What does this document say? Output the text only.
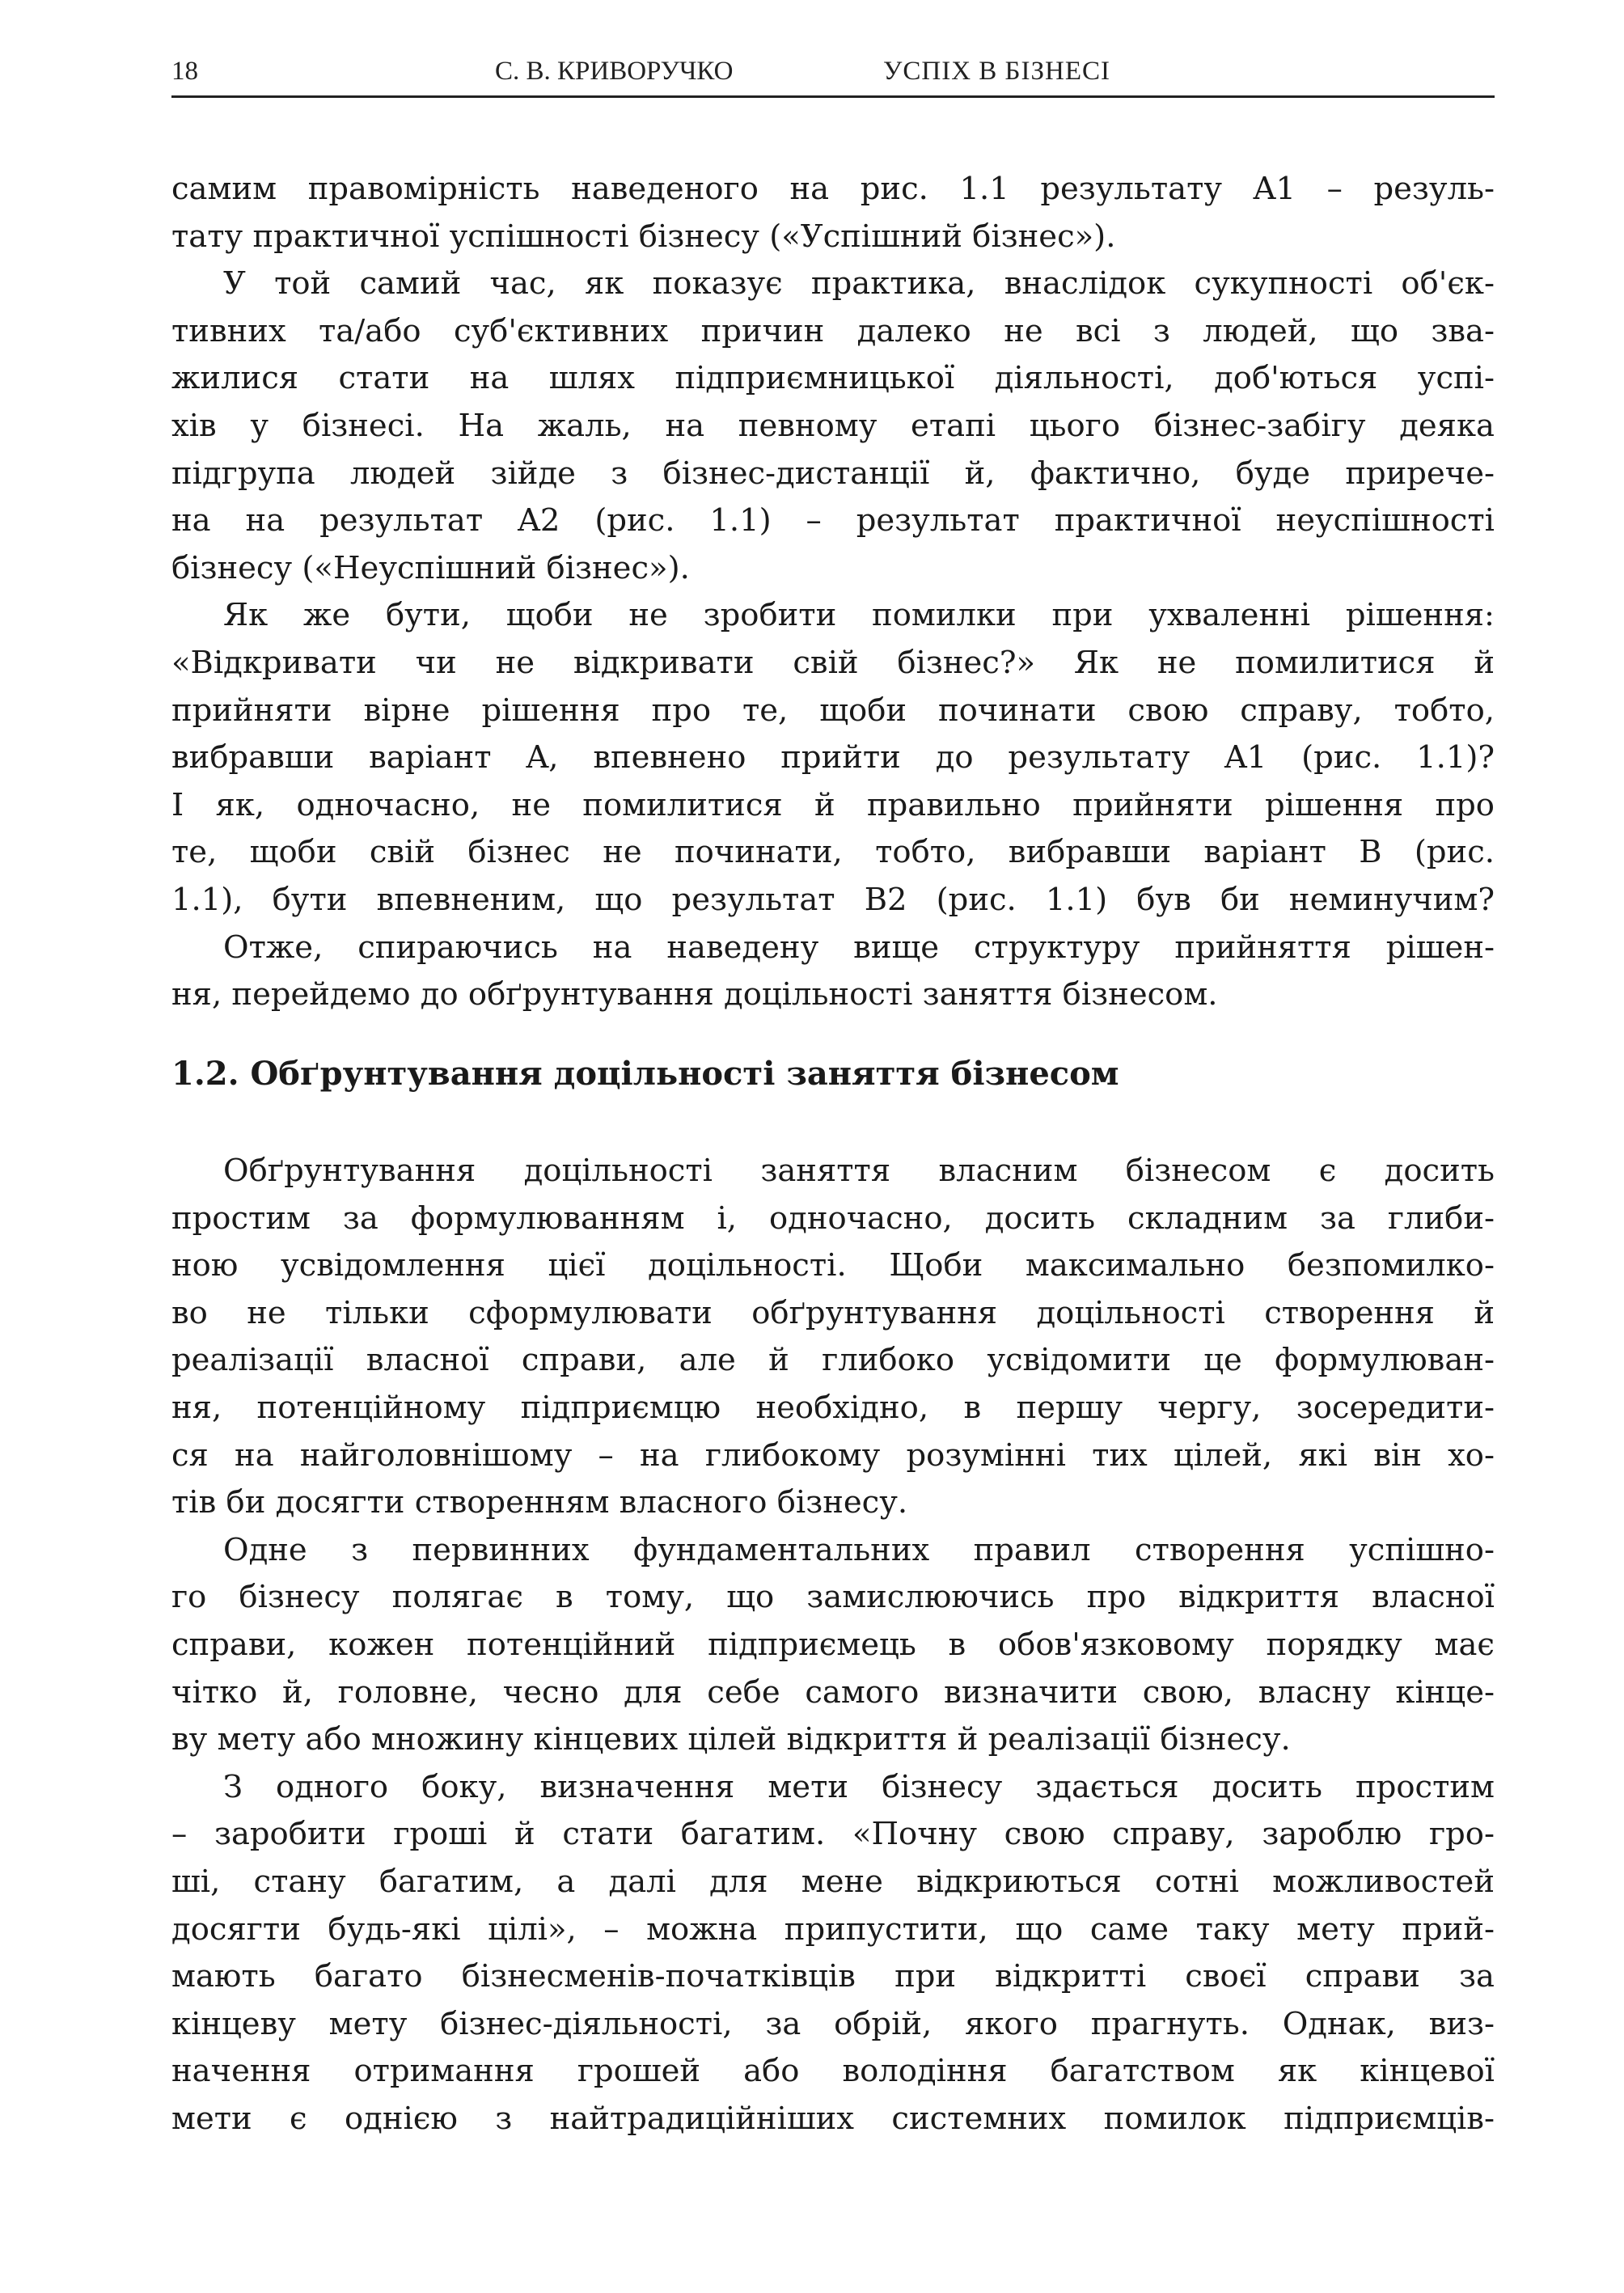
18	С. В. КРИВОРУЧКО	УСПІХ В БІЗНЕСІ
самим правомірність наведеного на рис. 1.1 результату A1 – резуль-
тату практичної успішності бізнесу («Успішний бізнес»).
У той самий час, як показує практика, внаслідок сукупності об'єк-
тивних та/або суб'єктивних причин далеко не всі з людей, що зва-
жилися стати на шлях підприємницької діяльності, доб'ються успі-
хів у бізнесі. На жаль, на певному етапі цього бізнес-забігу деяка
підгрупа людей зійде з бізнес-дистанції й, фактично, буде прирече-
на на результат A2 (рис. 1.1) – результат практичної неуспішності
бізнесу («Неуспішний бізнес»).
Як же бути, щоби не зробити помилки при ухваленні рішення:
«Відкривати чи не відкривати свій бізнес?» Як не помилитися й
прийняти вірне рішення про те, щоби починати свою справу, тобто,
вибравши варіант A, впевнено прийти до результату A1 (рис. 1.1)?
І як, одночасно, не помилитися й правильно прийняти рішення про
те, щоби свій бізнес не починати, тобто, вибравши варіант B (рис.
1.1), бути впевненим, що результат B2 (рис. 1.1) був би неминучим?
Отже, спираючись на наведену вище структуру прийняття рішен-
ня, перейдемо до обґрунтування доцільності заняття бізнесом.
1.2. Обґрунтування доцільності заняття бізнесом
Обґрунтування доцільності заняття власним бізнесом є досить
простим за формулюванням і, одночасно, досить складним за глиби-
ною усвідомлення цієї доцільності. Щоби максимально безпомилко-
во не тільки сформулювати обґрунтування доцільності створення й
реалізації власної справи, але й глибоко усвідомити це формулюван-
ня, потенційному підприємцю необхідно, в першу чергу, зосередити-
ся на найголовнішому – на глибокому розумінні тих цілей, які він хо-
тів би досягти створенням власного бізнесу.
Одне з первинних фундаментальних правил створення успішно-
го бізнесу полягає в тому, що замислюючись про відкриття власної
справи, кожен потенційний підприємець в обов'язковому порядку має
чітко й, головне, чесно для себе самого визначити свою, власну кінце-
ву мету або множину кінцевих цілей відкриття й реалізації бізнесу.
З одного боку, визначення мети бізнесу здається досить простим
– заробити гроші й стати багатим. «Почну свою справу, зароблю гро-
ші, стану багатим, а далі для мене відкриються сотні можливостей
досягти будь-які цілі», – можна припустити, що саме таку мету прий-
мають багато бізнесменів-початківців при відкритті своєї справи за
кінцеву мету бізнес-діяльності, за обрій, якого прагнуть. Однак, виз-
начення отримання грошей або володіння багатством як кінцевої
мети є однією з найтрадиційніших системних помилок підприємців-
